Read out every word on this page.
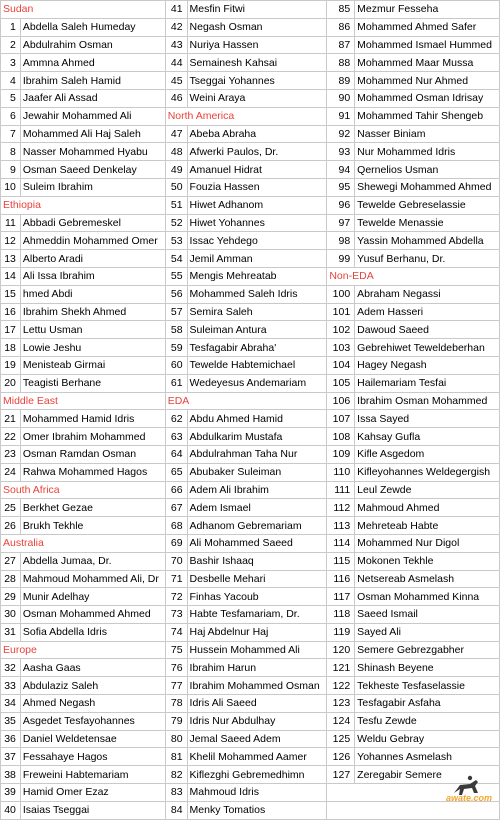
Sudan		41	Mesfin Fitwi	85	Mezmur Fesseha
1	Abdella Saleh Humeday	42	Negash Osman	86	Mohammed Ahmed Safer
2	Abdulrahim Osman	43	Nuriya Hassen	87	Mohammed Ismael Hummed
3	Ammna Ahmed	44	Semainesh Kahsai	88	Mohammed Maar Mussa
4	Ibrahim Saleh Hamid	45	Tseggai Yohannes	89	Mohammed Nur Ahmed
5	Jaafer Ali Assad	46	Weini Araya	90	Mohammed Osman Idrisay
6	Jewahir Mohammed Ali	North America		91	Mohammed Tahir Shengeb
7	Mohammed Ali Haj Saleh	47	Abeba Abraha	92	Nasser Biniam
8	Nasser Mohammed Hyabu	48	Afwerki Paulos, Dr.	93	Nur Mohammed Idris
9	Osman Saeed Denkelay	49	Amanuel Hidrat	94	Qernelios Usman
10	Suleim Ibrahim	50	Fouzia Hassen	95	Shewegi Mohammed Ahmed
Ethiopia		51	Hiwet Adhanom	96	Tewelde Gebreselassie
11	Abbadi Gebremeskel	52	Hiwet Yohannes	97	Tewelde Menassie
12	Ahmeddin Mohammed Omer	53	Issac Yehdego	98	Yassin Mohammed Abdella
13	Alberto Aradi	54	Jemil Amman	99	Yusuf Berhanu, Dr.
14	Ali Issa Ibrahim	55	Mengis Mehreatab	Non-EDA	
15	hmed Abdi	56	Mohammed Saleh Idris	100	Abraham Negassi
16	Ibrahim Shekh Ahmed	57	Semira Saleh	101	Adem Hasseri
17	Lettu Usman	58	Suleiman Antura	102	Dawoud Saeed
18	Lowie Jeshu	59	Tesfagabir Abraha'	103	Gebrehiwet Teweldeberhan
19	Menisteab Girmai	60	Tewelde Habtemichael	104	Hagey Negash
20	Teagisti Berhane	61	Wedeyesus Andemariam	105	Hailemariam Tesfai
Middle East		EDA		106	Ibrahim Osman Mohammed
21	Mohammed Hamid Idris	62	Abdu Ahmed Hamid	107	Issa Sayed
22	Omer Ibrahim Mohammed	63	Abdulkarim Mustafa	108	Kahsay Gufla
23	Osman Ramdan Osman	64	Abdulrahman Taha Nur	109	Kifle Asgedom
24	Rahwa Mohammed Hagos	65	Abubaker Suleiman	110	Kifleyohannes Weldegergish
South Africa		66	Adem Ali Ibrahim	111	Leul Zewde
25	Berkhet Gezae	67	Adem Ismael	112	Mahmoud Ahmed
26	Brukh Tekhle	68	Adhanom Gebremariam	113	Mehreteab Habte
Australia		69	Ali Mohammed Saeed	114	Mohammed Nur Digol
27	Abdella Jumaa, Dr.	70	Bashir Ishaaq	115	Mokonen Tekhle
28	Mahmoud Mohammed Ali, Dr	71	Desbelle Mehari	116	Netsereab Asmelash
29	Munir Adelhay	72	Finhas Yacoub	117	Osman Mohammed Kinna
30	Osman Mohammed Ahmed	73	Habte Tesfamariam, Dr.	118	Saeed Ismail
31	Sofia Abdella Idris	74	Haj Abdelnur Haj	119	Sayed Ali
Europe		75	Hussein Mohammed Ali	120	Semere Gebrezgabher
32	Aasha Gaas	76	Ibrahim Harun	121	Shinash Beyene
33	Abdulaziz Saleh	77	Ibrahim Mohammed Osman	122	Tekheste Tesfaselassie
34	Ahmed Negash	78	Idris Ali Saeed	123	Tesfagabir Asfaha
35	Asgedet Tesfayohannes	79	Idris Nur Abdulhay	124	Tesfu Zewde
36	Daniel Weldetensae	80	Jemal Saeed Adem	125	Weldu Gebray
37	Fessahaye Hagos	81	Khelil Mohammed Aamer	126	Yohannes Asmelash
38	Freweini Habtemariam	82	Kiflezghi Gebremedhimn	127	Zeregabir Semere
39	Hamid Omer Ezaz	83	Mahmoud Idris		
40	Isaias Tseggai	84	Menky Tomatios		
awate.com
